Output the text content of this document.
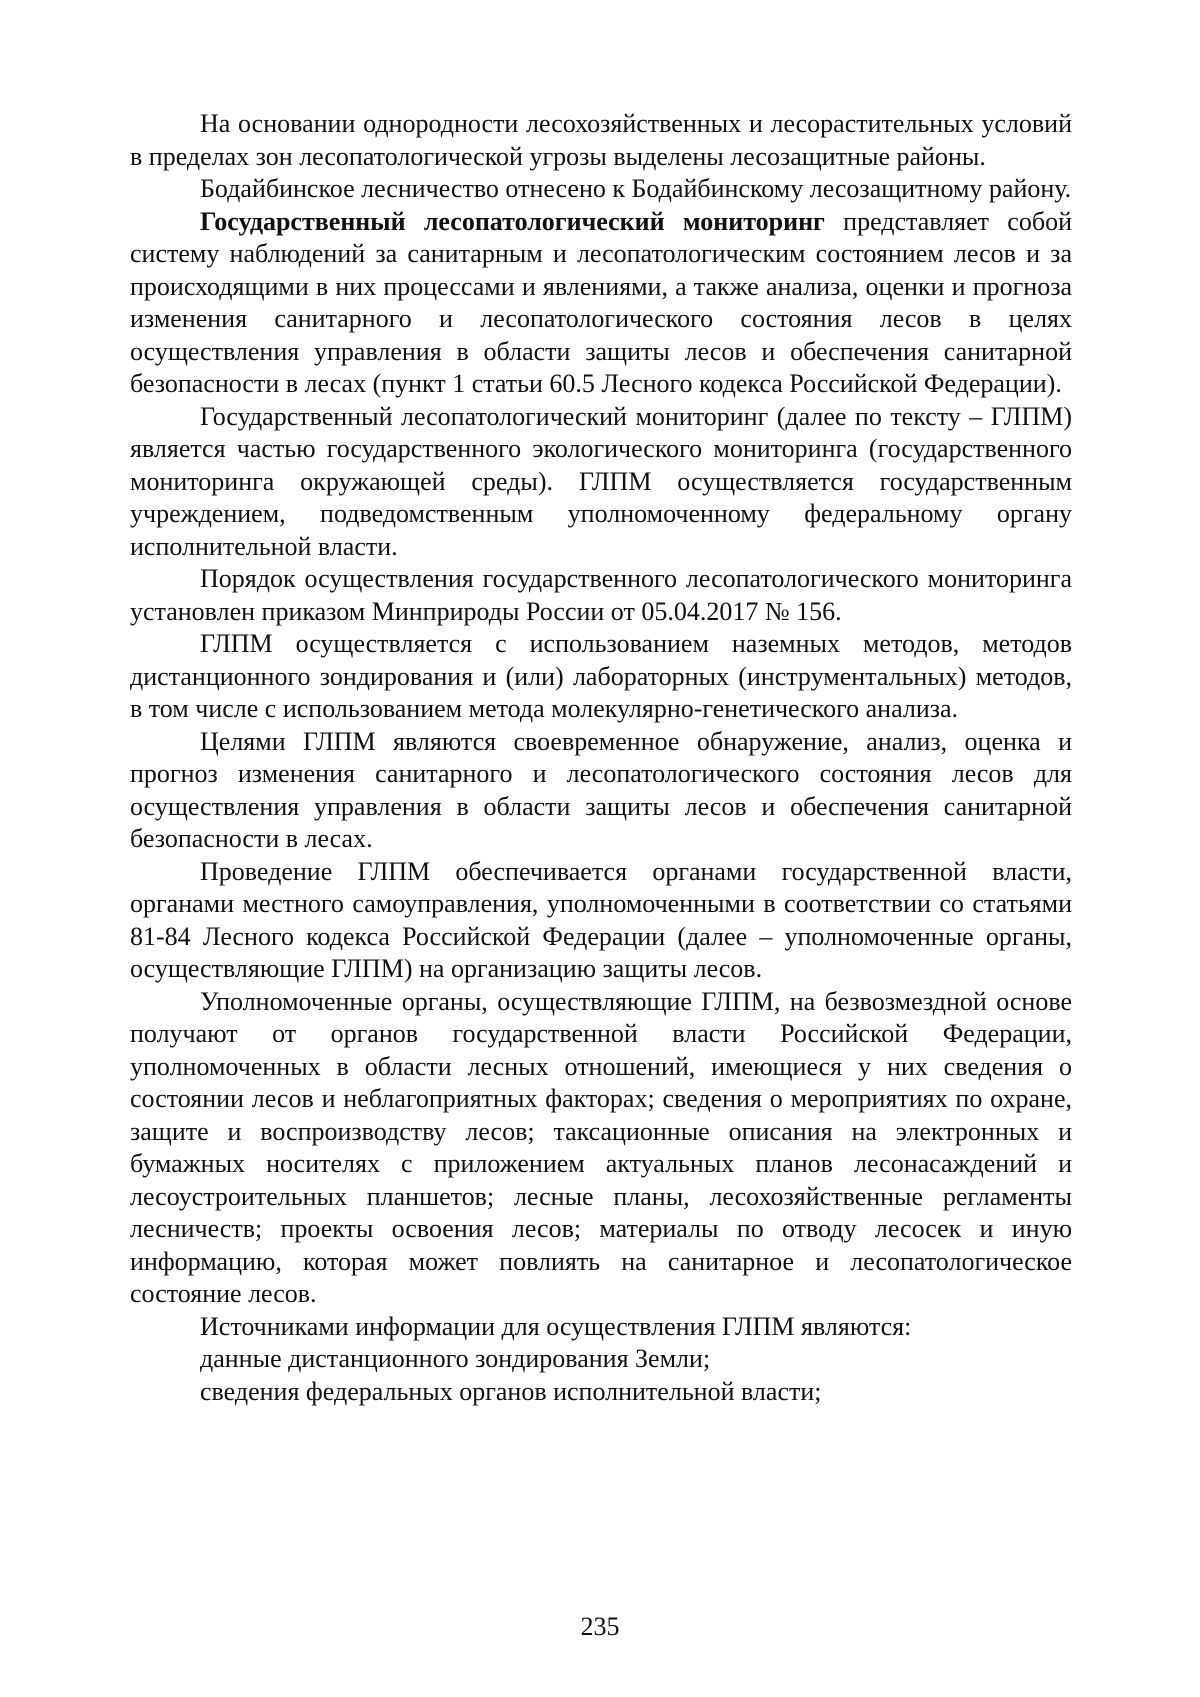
На основании однородности лесохозяйственных и лесорастительных условий в пределах зон лесопатологической угрозы выделены лесозащитные районы.

Бодайбинское лесничество отнесено к Бодайбинскому лесозащитному району.

Государственный лесопатологический мониторинг представляет собой систему наблюдений за санитарным и лесопатологическим состоянием лесов и за происходящими в них процессами и явлениями, а также анализа, оценки и прогноза изменения санитарного и лесопатологического состояния лесов в целях осуществления управления в области защиты лесов и обеспечения санитарной безопасности в лесах (пункт 1 статьи 60.5 Лесного кодекса Российской Федерации).

Государственный лесопатологический мониторинг (далее по тексту – ГЛПМ) является частью государственного экологического мониторинга (государственного мониторинга окружающей среды). ГЛПМ осуществляется государственным учреждением, подведомственным уполномоченному федеральному органу исполнительной власти.

Порядок осуществления государственного лесопатологического мониторинга установлен приказом Минприроды России от 05.04.2017 № 156.

ГЛПМ осуществляется с использованием наземных методов, методов дистанционного зондирования и (или) лабораторных (инструментальных) методов, в том числе с использованием метода молекулярно-генетического анализа.

Целями ГЛПМ являются своевременное обнаружение, анализ, оценка и прогноз изменения санитарного и лесопатологического состояния лесов для осуществления управления в области защиты лесов и обеспечения санитарной безопасности в лесах.

Проведение ГЛПМ обеспечивается органами государственной власти, органами местного самоуправления, уполномоченными в соответствии со статьями 81-84 Лесного кодекса Российской Федерации (далее – уполномоченные органы, осуществляющие ГЛПМ) на организацию защиты лесов.

Уполномоченные органы, осуществляющие ГЛПМ, на безвозмездной основе получают от органов государственной власти Российской Федерации, уполномоченных в области лесных отношений, имеющиеся у них сведения о состоянии лесов и неблагоприятных факторах; сведения о мероприятиях по охране, защите и воспроизводству лесов; таксационные описания на электронных и бумажных носителях с приложением актуальных планов лесонасаждений и лесоустроительных планшетов; лесные планы, лесохозяйственные регламенты лесничеств; проекты освоения лесов; материалы по отводу лесосек и иную информацию, которая может повлиять на санитарное и лесопатологическое состояние лесов.

Источниками информации для осуществления ГЛПМ являются:

данные дистанционного зондирования Земли;

сведения федеральных органов исполнительной власти;

235
